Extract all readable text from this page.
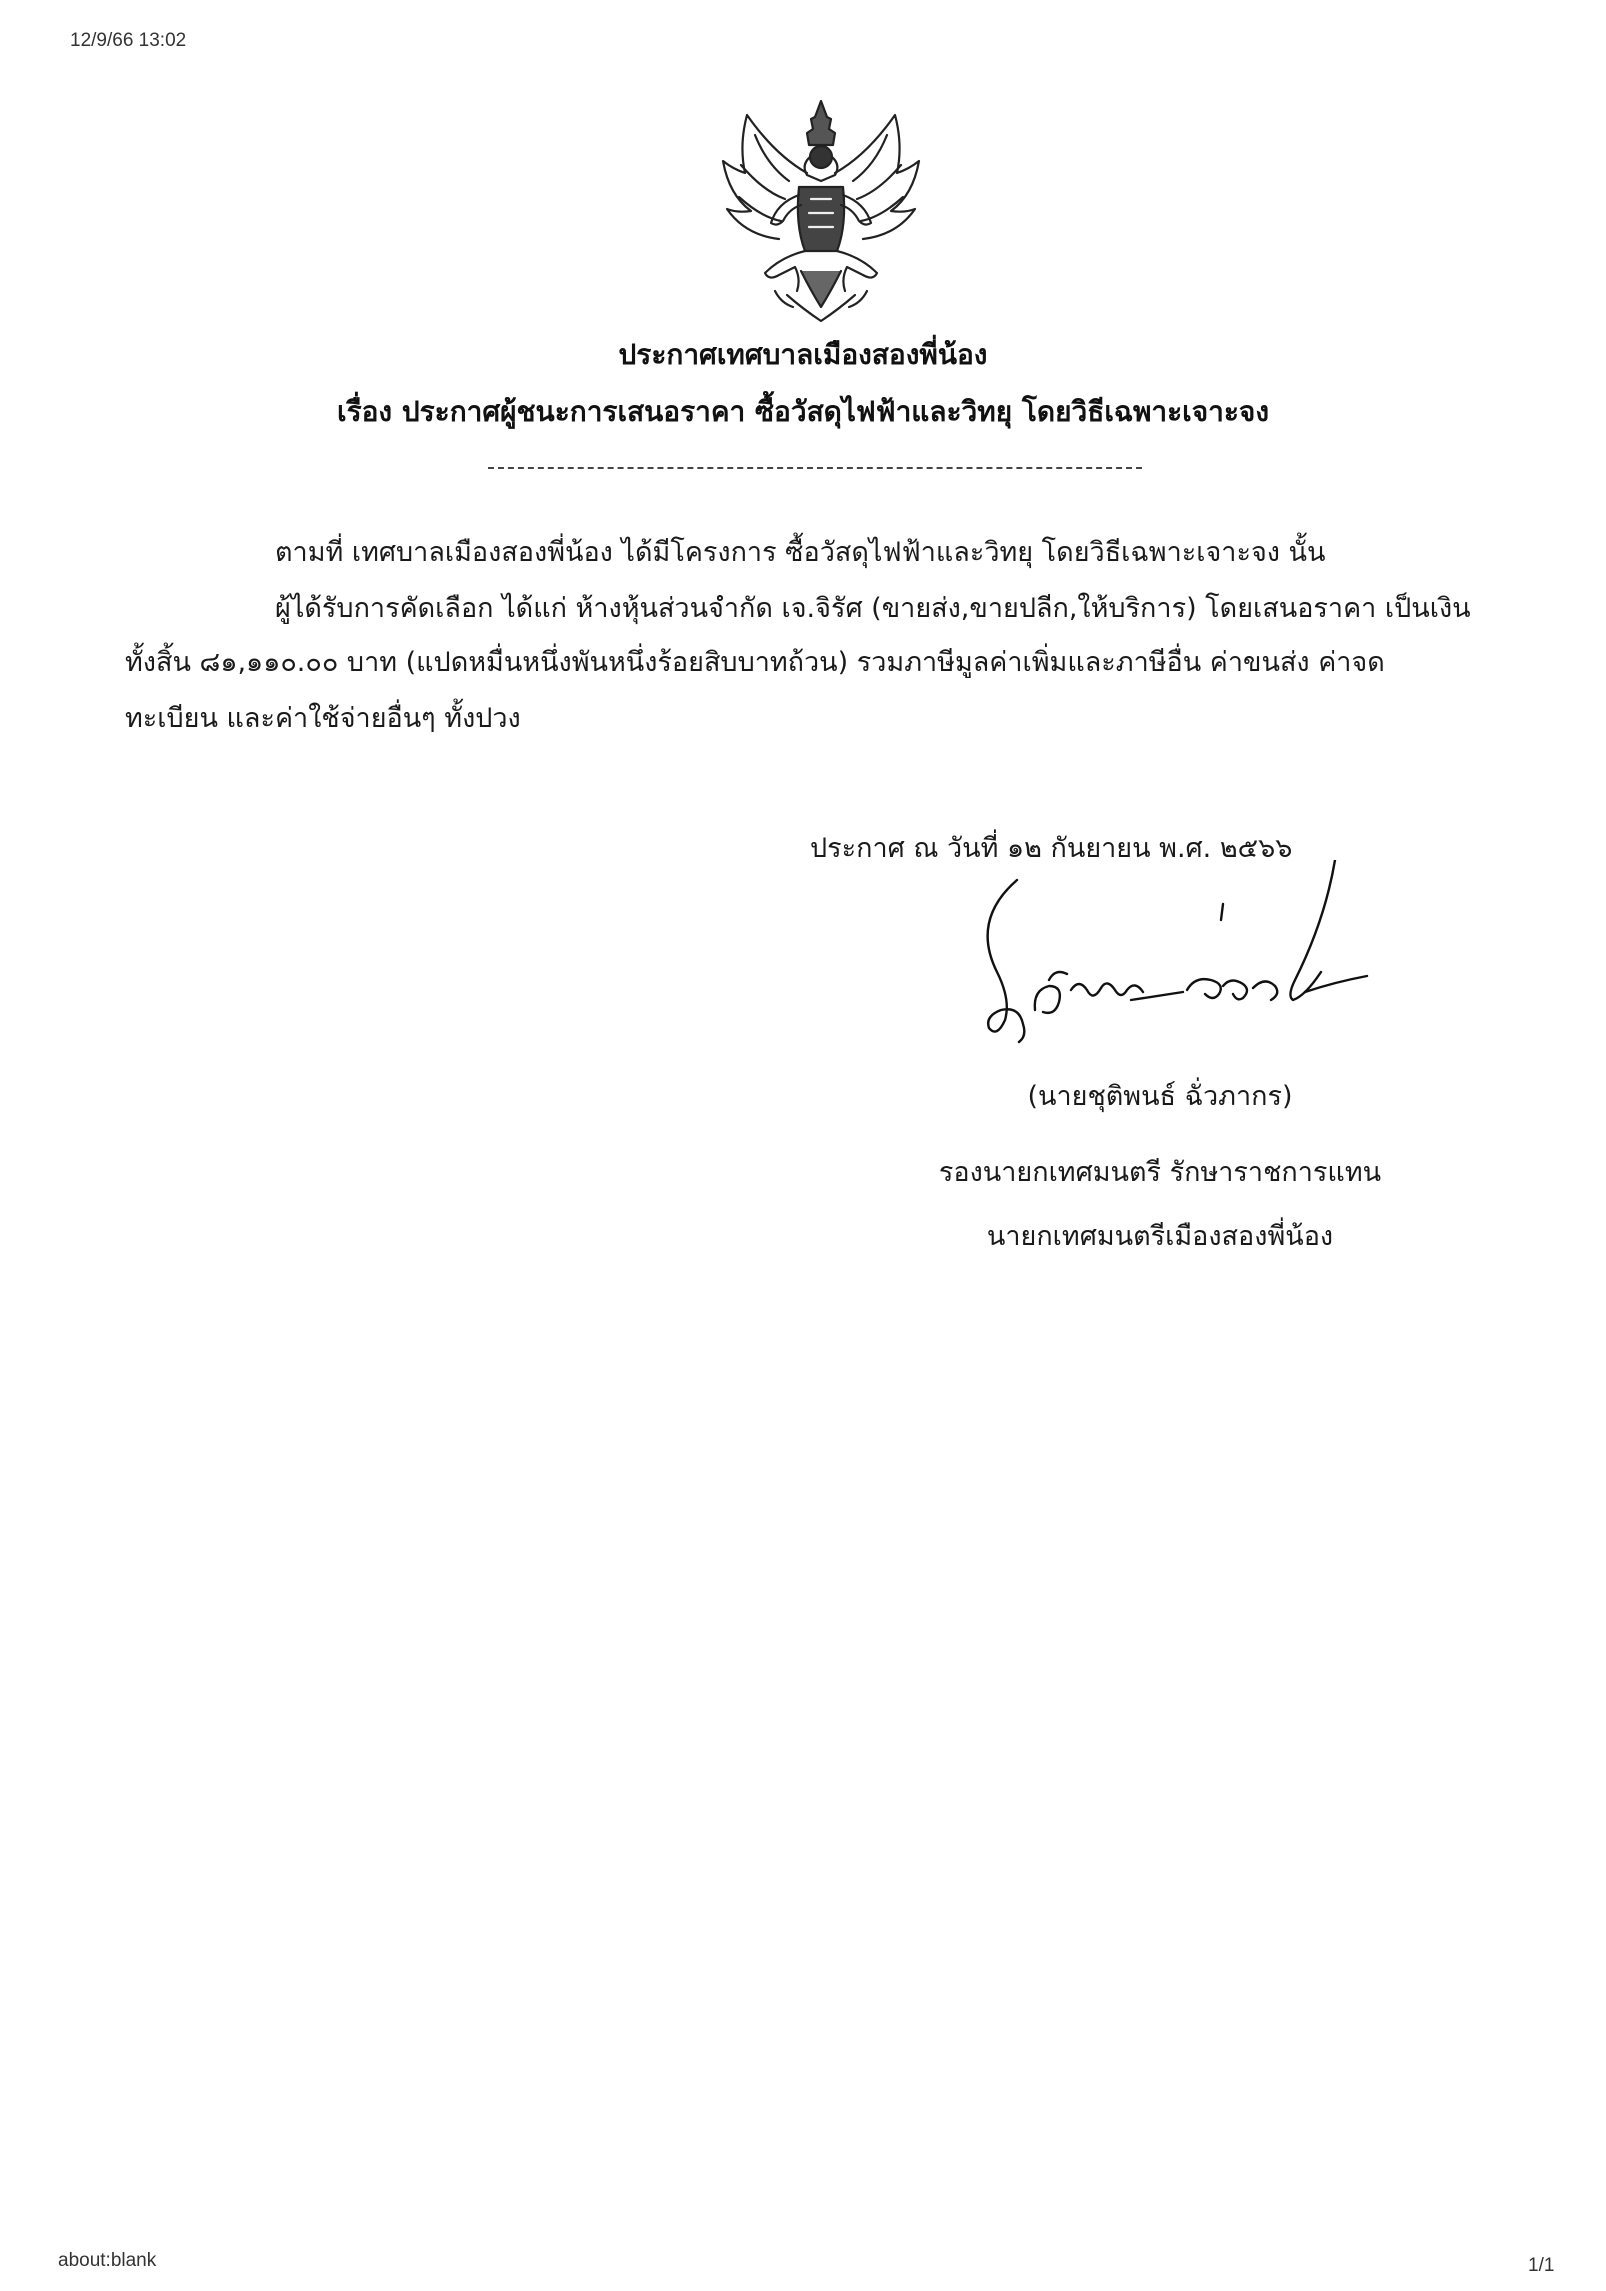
12/9/66 13:02
ประกาศเทศบาลเมืองสองพี่น้อง
เรื่อง ประกาศผู้ชนะการเสนอราคา ซื้อวัสดุไฟฟ้าและวิทยุ โดยวิธีเฉพาะเจาะจง
ตามที่ เทศบาลเมืองสองพี่น้อง ได้มีโครงการ ซื้อวัสดุไฟฟ้าและวิทยุ โดยวิธีเฉพาะเจาะจง นั้น
ผู้ได้รับการคัดเลือก ได้แก่ ห้างหุ้นส่วนจำกัด เจ.จิรัศ (ขายส่ง,ขายปลีก,ให้บริการ) โดยเสนอราคา เป็นเงิน
ทั้งสิ้น ๘๑,๑๑๐.๐๐ บาท (แปดหมื่นหนึ่งพันหนึ่งร้อยสิบบาทถ้วน) รวมภาษีมูลค่าเพิ่มและภาษีอื่น ค่าขนส่ง ค่าจด
ทะเบียน และค่าใช้จ่ายอื่นๆ ทั้งปวง
ประกาศ ณ วันที่ ๑๒ กันยายน พ.ศ. ๒๕๖๖
(นายชุติพนธ์ ฉั่วภากร)
รองนายกเทศมนตรี รักษาราชการแทน
นายกเทศมนตรีเมืองสองพี่น้อง
about:blank	1/1
